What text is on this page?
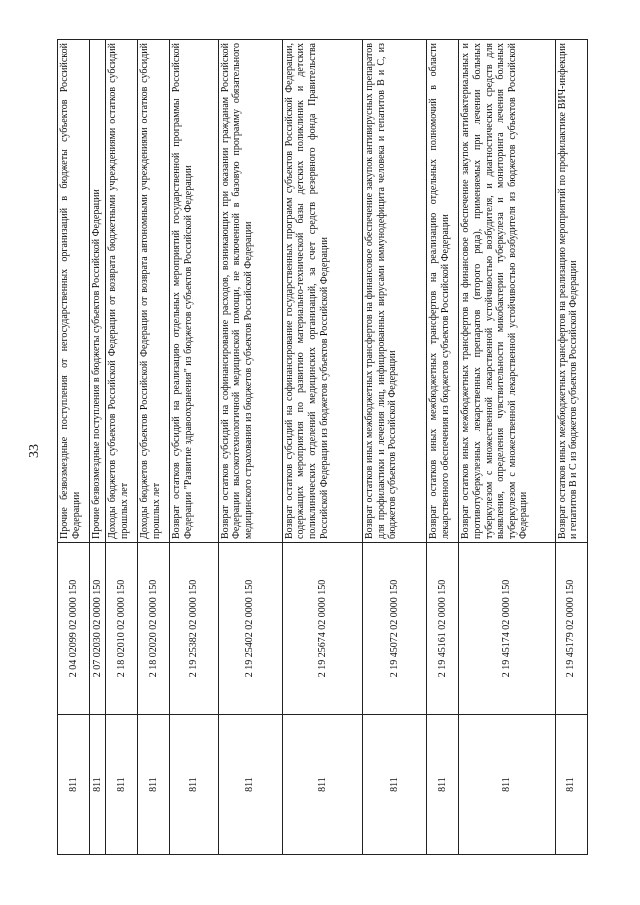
33
811	2 04 02099 02 0000 150	Прочие безвозмездные поступления от негосударственных организаций в бюджеты субъектов Российской Федерации
811	2 07 02030 02 0000 150	Прочие безвозмездные поступления в бюджеты субъектов Российской Федерации
811	2 18 02010 02 0000 150	Доходы бюджетов субъектов Российской Федерации от возврата бюджетными учреждениями остатков субсидий прошлых лет
811	2 18 02020 02 0000 150	Доходы бюджетов субъектов Российской Федерации от возврата автономными учреждениями остатков субсидий прошлых лет
811	2 19 25382 02 0000 150	Возврат остатков субсидий на реализацию отдельных мероприятий государственной программы Российской Федерации "Развитие здравоохранения" из бюджетов субъектов Российской Федерации
811	2 19 25402 02 0000 150	Возврат остатков субсидий на софинансирование расходов, возникающих при оказании гражданам Российской Федерации высокотехнологичной медицинской помощи, не включенной в базовую программу обязательного медицинского страхования из бюджетов субъектов Российской Федерации
811	2 19 25674 02 0000 150	Возврат остатков субсидий на софинансирование государственных программ субъектов Российской Федерации, содержащих мероприятия по развитию материально-технической базы детских поликлиник и детских поликлинических отделений медицинских организаций, за счет средств резервного фонда Правительства Российской Федерации из бюджетов субъектов Российской Федерации
811	2 19 45072 02 0000 150	Возврат остатков иных межбюджетных трансфертов на финансовое обеспечение закупок антивирусных препаратов для профилактики и лечения лиц, инфицированных вирусами иммунодефицита человека и гепатитов В и С, из бюджетов субъектов Российской Федерации
811	2 19 45161 02 0000 150	Возврат остатков иных межбюджетных трансфертов на реализацию отдельных полномочий в области лекарственного обеспечения из бюджетов субъектов Российской Федерации
811	2 19 45174 02 0000 150	Возврат остатков иных межбюджетных трансфертов на финансовое обеспечение закупок антибактериальных и противотуберкулезных лекарственных препаратов (второго ряда), применяемых при лечении больных туберкулезом с множественной лекарственной устойчивостью возбудителя, и диагностических средств для выявления, определения чувствительности микобактерии туберкулеза и мониторинга лечения больных туберкулезом с множественной лекарственной устойчивостью возбудителя из бюджетов субъектов Российской Федерации
811	2 19 45179 02 0000 150	Возврат остатков иных межбюджетных трансфертов на реализацию мероприятий по профилактике ВИЧ-инфекции и гепатитов В и С из бюджетов субъектов Российской Федерации
